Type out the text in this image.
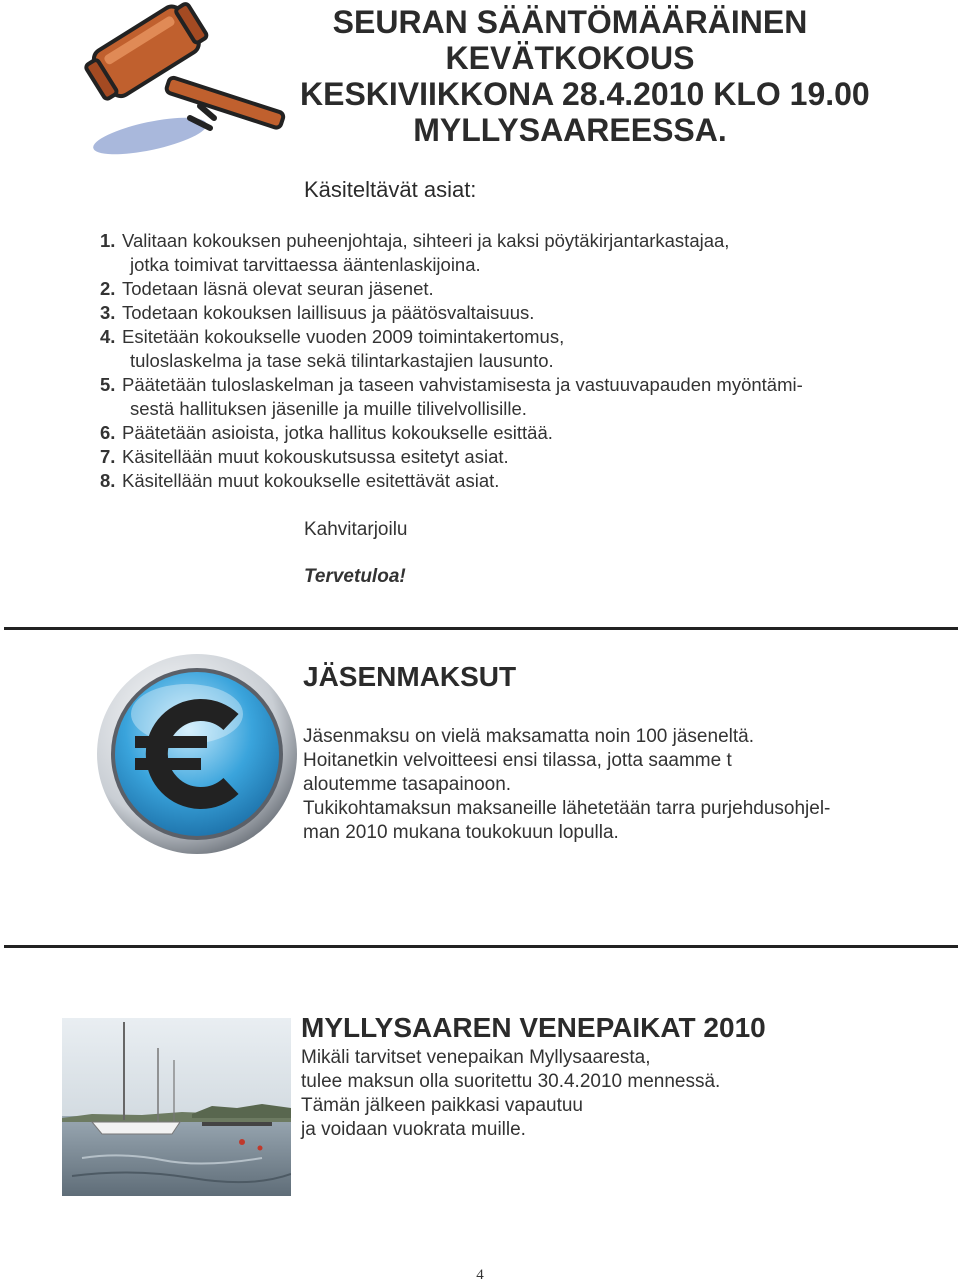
SEURAN SÄÄNTÖMÄÄRÄINEN
KEVÄTKOKOUS
KESKIVIIKKONA 28.4.2010 KLO 19.00
MYLLYSAAREESSA.
Käsiteltävät asiat:
1. Valitaan kokouksen puheenjohtaja, sihteeri ja kaksi pöytäkirjantarkastajaa,
jotka toimivat tarvittaessa ääntenlaskijoina.
2. Todetaan läsnä olevat seuran jäsenet.
3. Todetaan kokouksen laillisuus ja päätösvaltaisuus.
4. Esitetään kokoukselle vuoden 2009 toimintakertomus,
tuloslaskelma ja tase sekä tilintarkastajien lausunto.
5. Päätetään tuloslaskelman ja taseen vahvistamisesta ja vastuuvapauden myöntämi-
sestä hallituksen jäsenille ja muille tilivelvollisille.
6. Päätetään asioista, jotka hallitus kokoukselle esittää.
7. Käsitellään muut kokouskutsussa esitetyt asiat.
8. Käsitellään muut kokoukselle esitettävät asiat.
Kahvitarjoilu
Tervetuloa!
JÄSENMAKSUT
Jäsenmaksu on vielä maksamatta noin 100 jäseneltä.
Hoitanetkin velvoitteesi ensi tilassa, jotta saamme t
aloutemme tasapainoon.
Tukikohtamaksun maksaneille lähetetään tarra purjehdusohjel-
man 2010 mukana toukokuun lopulla.
MYLLYSAAREN VENEPAIKAT 2010
Mikäli tarvitset venepaikan Myllysaaresta,
tulee maksun olla suoritettu 30.4.2010 mennessä.
Tämän jälkeen paikkasi vapautuu
ja voidaan vuokrata muille.
4
